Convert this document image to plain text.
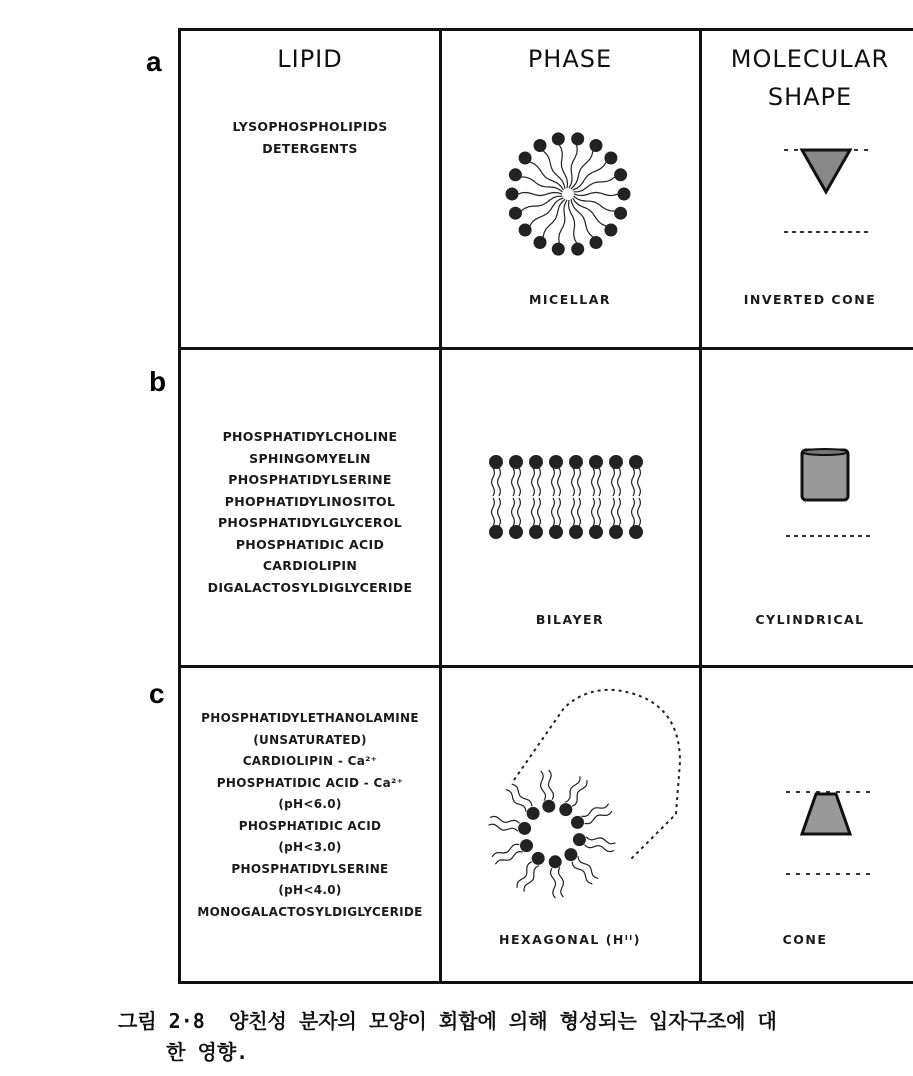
a
b
c
LIPID	PHASE	MOLECULAR
SHAPE
LYSOPHOSPHOLIPIDS
DETERGENTS
PHOSPHATIDYLCHOLINE
SPHINGOMYELIN
PHOSPHATIDYLSERINE
PHOPHATIDYLINOSITOL
PHOSPHATIDYLGLYCEROL
PHOSPHATIDIC ACID
CARDIOLIPIN
DIGALACTOSYLDIGLYCERIDE
PHOSPHATIDYLETHANOLAMINE
(UNSATURATED)
CARDIOLIPIN - Ca²⁺
PHOSPHATIDIC ACID - Ca²⁺
(pH<6.0)
PHOSPHATIDIC ACID
(pH<3.0)
PHOSPHATIDYLSERINE
(pH<4.0)
MONOGALACTOSYLDIGLYCERIDE
MICELLAR
BILAYER
HEXAGONAL (Hᴵᴵ)
INVERTED CONE
CYLINDRICAL
CONE
그림 2·8  양친성 분자의 모양이 회합에 의해 형성되는 입자구조에 대
한 영향.
